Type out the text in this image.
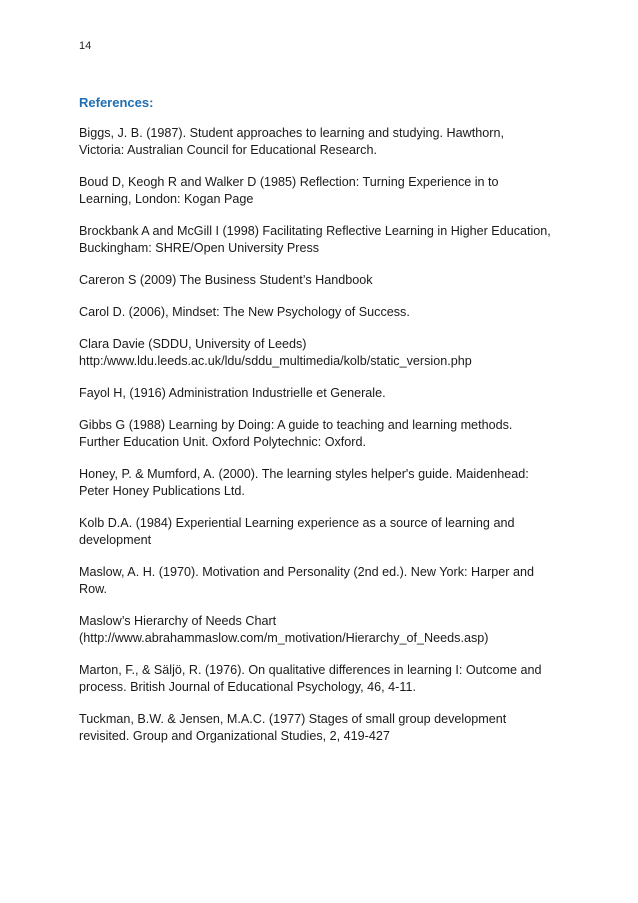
14
References:
Biggs, J. B. (1987). Student approaches to learning and studying. Hawthorn,
Victoria: Australian Council for Educational Research.
Boud D, Keogh R and Walker D (1985) Reflection: Turning Experience in to
Learning, London: Kogan Page
Brockbank A and McGill I (1998) Facilitating Reflective Learning in Higher Education,
Buckingham: SHRE/Open University Press
Careron S (2009) The Business Student’s Handbook
Carol D. (2006), Mindset: The New Psychology of Success.
Clara Davie (SDDU, University of Leeds)
http:/www.ldu.leeds.ac.uk/ldu/sddu_multimedia/kolb/static_version.php
Fayol H, (1916) Administration Industrielle et Generale.
Gibbs G (1988) Learning by Doing: A guide to teaching and learning methods.
Further Education Unit. Oxford Polytechnic: Oxford.
Honey, P. & Mumford, A. (2000). The learning styles helper's guide. Maidenhead:
Peter Honey Publications Ltd.
Kolb D.A. (1984) Experiential Learning experience as a source of learning and
development
Maslow, A. H. (1970). Motivation and Personality (2nd ed.). New York: Harper and
Row.
Maslow’s Hierarchy of Needs Chart
(http://www.abrahammaslow.com/m_motivation/Hierarchy_of_Needs.asp)
Marton, F., & Säljö, R. (1976). On qualitative differences in learning I: Outcome and
process. British Journal of Educational Psychology, 46, 4-11.
Tuckman, B.W. & Jensen, M.A.C. (1977) Stages of small group development
revisited. Group and Organizational Studies, 2, 419-427
